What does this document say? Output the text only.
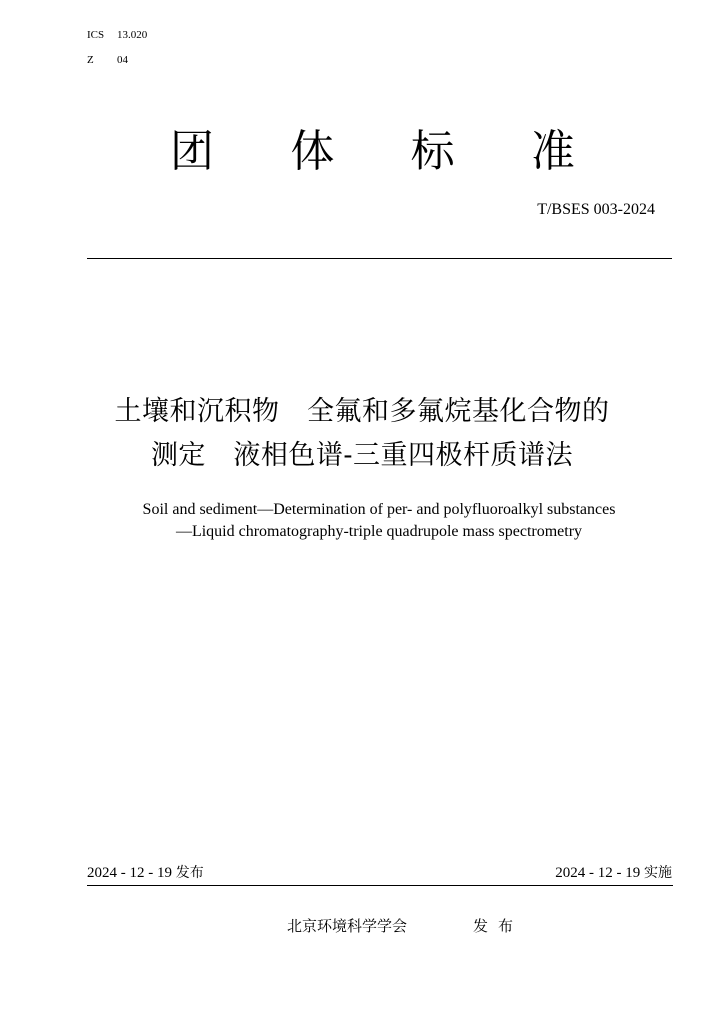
ICS 13.020
Z 04
团 体 标 准
T/BSES 003-2024
土壤和沉积物　全氟和多氟烷基化合物的
测定　液相色谱-三重四极杆质谱法
Soil and sediment—Determination of per- and polyfluoroalkyl substances
—Liquid chromatography-triple quadrupole mass spectrometry
2024 - 12 - 19 发布	2024 - 12 - 19 实施
北京环境科学学会	发布
